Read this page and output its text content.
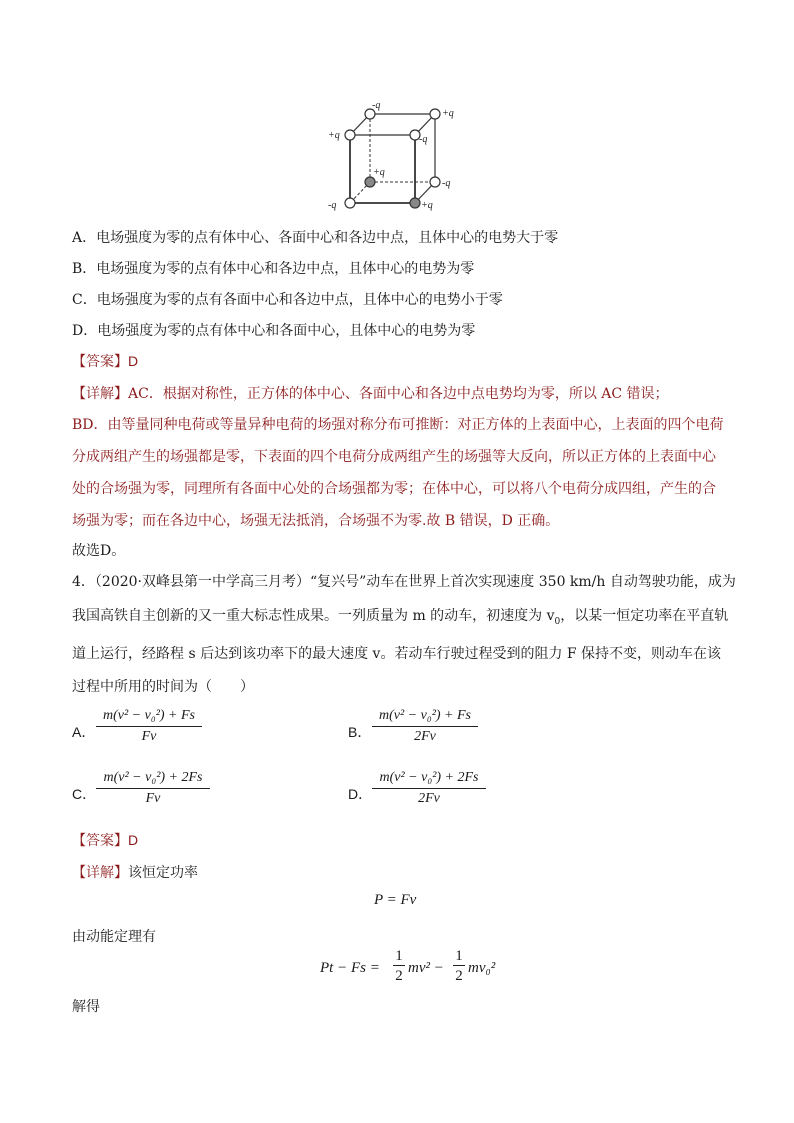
-q
+q
+q	-q
+q
-q
-q	+q
A．电场强度为零的点有体中心、各面中心和各边中点，且体中心的电势大于零
B．电场强度为零的点有体中心和各边中点，且体中心的电势为零
C．电场强度为零的点有各面中心和各边中点，且体中心的电势小于零
D．电场强度为零的点有体中心和各面中心，且体中心的电势为零
【答案】D
【详解】AC．根据对称性，正方体的体中心、各面中心和各边中点电势均为零，所以 AC 错误；
BD．由等量同种电荷或等量异种电荷的场强对称分布可推断：对正方体的上表面中心，上表面的四个电荷
分成两组产生的场强都是零，下表面的四个电荷分成两组产生的场强等大反向，所以正方体的上表面中心
处的合场强为零，同理所有各面中心处的合场强都为零；在体中心，可以将八个电荷分成四组，产生的合
场强为零；而在各边中心，场强无法抵消，合场强不为零.故 B 错误，D 正确。
故选D。
4．（2020·双峰县第一中学高三月考）“复兴号”动车在世界上首次实现速度 350 km/h 自动驾驶功能，成为
我国高铁自主创新的又一重大标志性成果。一列质量为 m 的动车，初速度为 $v_0$，以某一恒定功率在平直轨
道上运行，经路程 s 后达到该功率下的最大速度 v。若动车行驶过程受到的阻力 F 保持不变，则动车在该
过程中所用的时间为（　　）
A． $\frac{\text{m(v² − v₀²) + Fs}}{Fv}$	B． $\frac{\text{m(v² − v₀²) + Fs}}{2Fv}$
C． $\frac{\text{m(v² − v₀²) + 2Fs}}{Fv}$	D． $\frac{\text{m(v² − v₀²) + 2Fs}}{2Fv}$
【答案】D
【详解】该恒定功率
P = Fv
由动能定理有
$Pt - Fs = \frac{1}{2} mv^2 - \frac{1}{2} mv_0^2$
解得
